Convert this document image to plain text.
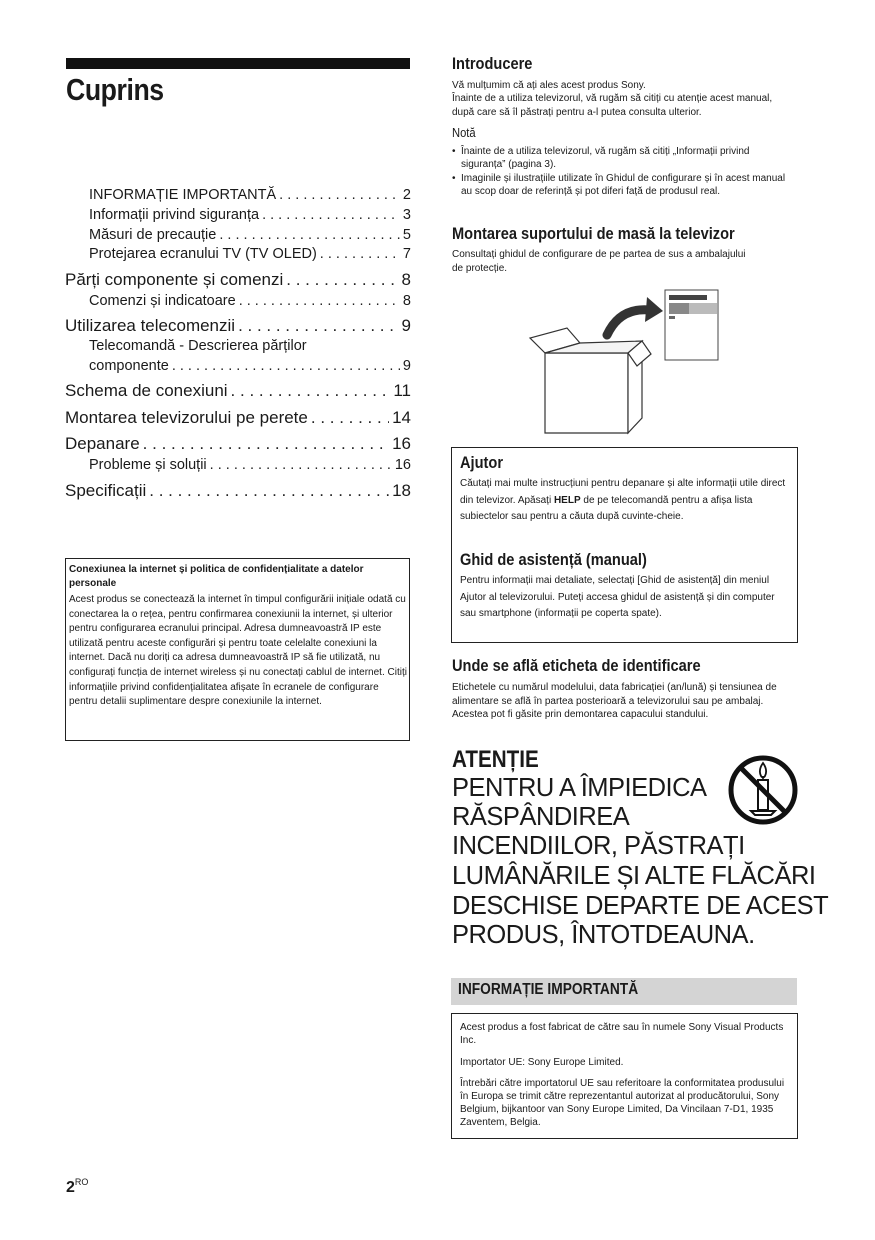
Cuprins
INFORMAȚIE IMPORTANTĂ . . .	2
Informații privind siguranța . . .	3
Măsuri de precauție . . .	5
Protejarea ecranului TV (TV OLED) . . .	7
Părți componente și comenzi . . .	8
Comenzi și indicatoare . . .	8
Utilizarea telecomenzii . . .	9
Telecomandă - Descrierea părților
componente . . .	9
Schema de conexiuni . . .	11
Montarea televizorului pe perete . . .	14
Depanare . . .	16
Probleme și soluții . . .	16
Specificații . . .	18
Conexiunea la internet și politica de confidențialitate a datelor personale
Acest produs se conectează la internet în timpul configurării inițiale odată cu conectarea la o rețea, pentru confirmarea conexiunii la internet, și ulterior pentru configurarea ecranului principal. Adresa dumneavoastră IP este utilizată pentru aceste configurări și pentru toate celelalte conexiuni la internet. Dacă nu doriți ca adresa dumneavoastră IP să fie utilizată, nu configurați funcția de internet wireless și nu conectați cablul de internet. Citiți informațiile privind confidențialitatea afișate în ecranele de configurare pentru detalii suplimentare despre conexiunile la internet.
$2^{RO}$
Introducere
Vă mulțumim că ați ales acest produs Sony.
Înainte de a utiliza televizorul, vă rugăm să citiți cu atenție acest manual, după care să îl păstrați pentru a-l putea consulta ulterior.
Notă
• Înainte de a utiliza televizorul, vă rugăm să citiți „Informații privind siguranța” (pagina 3).
• Imaginile și ilustrațiile utilizate în Ghidul de configurare și în acest manual au scop doar de referință și pot diferi față de produsul real.
Montarea suportului de masă la televizor
Consultați ghidul de configurare de pe partea de sus a ambalajului de protecție.
Ajutor
Căutați mai multe instrucțiuni pentru depanare și alte informații utile direct din televizor. Apăsați HELP de pe telecomandă pentru a afișa lista subiectelor sau pentru a căuta după cuvinte-cheie.
Ghid de asistență (manual)
Pentru informații mai detaliate, selectați [Ghid de asistență] din meniul Ajutor al televizorului. Puteți accesa ghidul de asistență și din computer sau smartphone (informații pe coperta spate).
Unde se află eticheta de identificare
Etichetele cu numărul modelului, data fabricației (an/lună) și tensiunea de alimentare se află în partea posterioară a televizorului sau pe ambalaj. Acestea pot fi găsite prin demontarea capacului standului.
ATENȚIE
PENTRU A ÎMPIEDICA
RĂSPÂNDIREA
INCENDIILOR, PĂSTRAȚI
LUMÂNĂRILE ȘI ALTE FLĂCĂRI
DESCHISE DEPARTE DE ACEST
PRODUS, ÎNTOTDEAUNA.
INFORMAȚIE IMPORTANTĂ
Acest produs a fost fabricat de către sau în numele Sony Visual Products Inc.
Importator UE: Sony Europe Limited.
Întrebări către importatorul UE sau referitoare la conformitatea produsului în Europa se trimit către reprezentantul autorizat al producătorului, Sony Belgium, bijkantoor van Sony Europe Limited, Da Vincilaan 7-D1, 1935 Zaventem, Belgia.
